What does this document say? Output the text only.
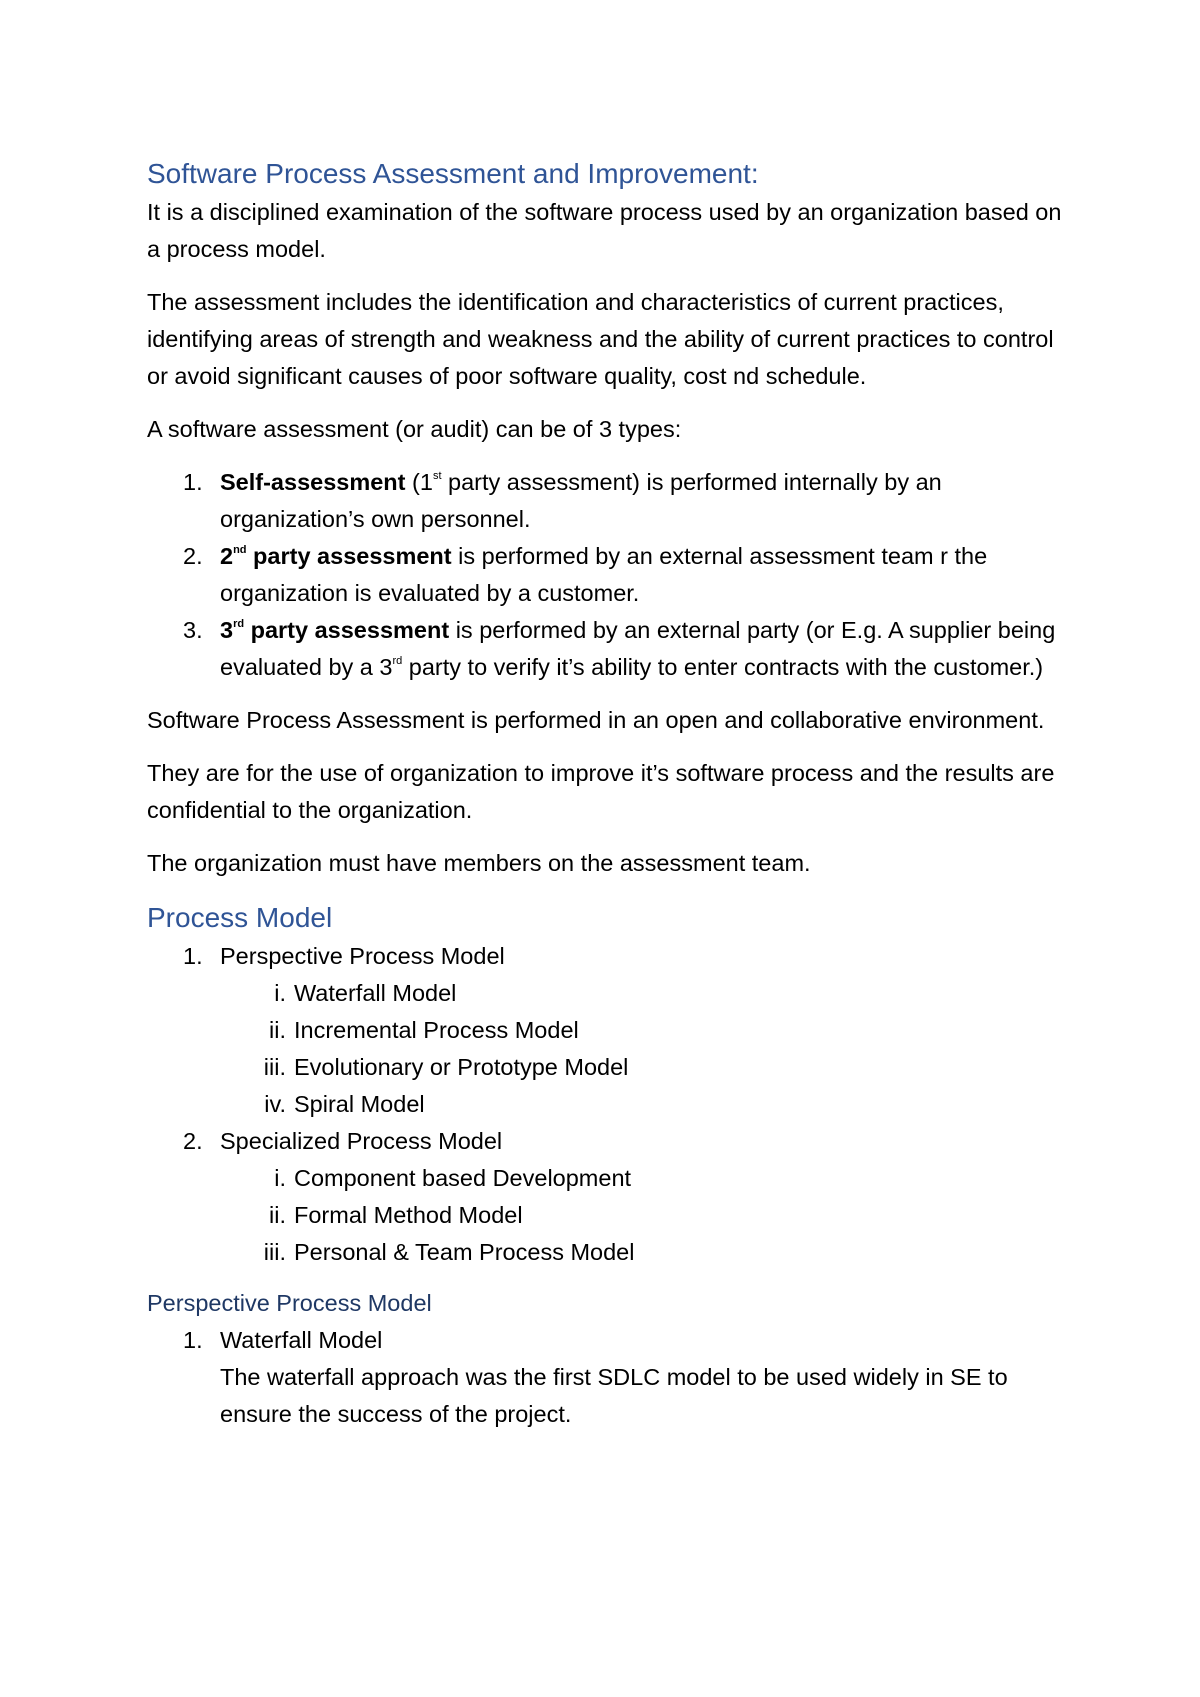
Software Process Assessment and Improvement:

It is a disciplined examination of the software process used by an organization based on a process model.

The assessment includes the identification and characteristics of current practices, identifying areas of strength and weakness and the ability of current practices to control or avoid significant causes of poor software quality, cost nd schedule.

A software assessment (or audit) can be of 3 types:

1. Self-assessment (1st party assessment) is performed internally by an organization’s own personnel.
2. 2nd party assessment is performed by an external assessment team r the organization is evaluated by a customer.
3. 3rd party assessment is performed by an external party (or E.g. A supplier being evaluated by a 3rd party to verify it’s ability to enter contracts with the customer.)

Software Process Assessment is performed in an open and collaborative environment.

They are for the use of organization to improve it’s software process and the results are confidential to the organization.

The organization must have members on the assessment team.

Process Model
1. Perspective Process Model
i. Waterfall Model
ii. Incremental Process Model
iii. Evolutionary or Prototype Model
iv. Spiral Model
2. Specialized Process Model
i. Component based Development
ii. Formal Method Model
iii. Personal & Team Process Model
Perspective Process Model
1. Waterfall Model
The waterfall approach was the first SDLC model to be used widely in SE to ensure the success of the project.
